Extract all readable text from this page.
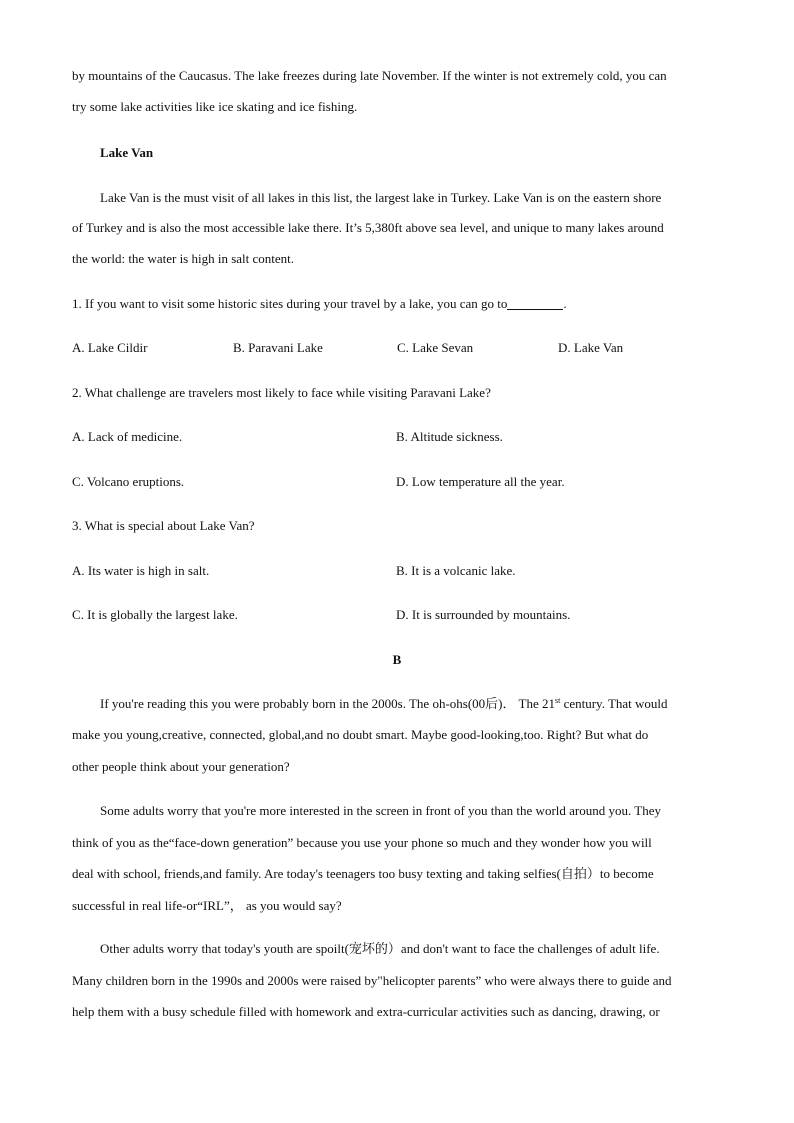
by mountains of the Caucasus. The lake freezes during late November. If the winter is not extremely cold, you can
try some lake activities like ice skating and ice fishing.
Lake Van
Lake Van is the must visit of all lakes in this list, the largest lake in Turkey. Lake Van is on the eastern shore
of Turkey and is also the most accessible lake there. It’s 5,380ft above sea level, and unique to many lakes around
the world: the water is high in salt content.
1. If you want to visit some historic sites during your travel by a lake, you can go to	.
A. Lake Cildir	B. Paravani Lake	C. Lake Sevan	D. Lake Van
2. What challenge are travelers most likely to face while visiting Paravani Lake?
A. Lack of medicine.	B. Altitude sickness.
C. Volcano eruptions.	D. Low temperature all the year.
3. What is special about Lake Van?
A. Its water is high in salt.	B. It is a volcanic lake.
C. It is globally the largest lake.	D. It is surrounded by mountains.
B
If you're reading this you were probably born in the 2000s. The oh-ohs(00后)． The 21st century. That would
make you young,creative, connected, global,and no doubt smart. Maybe good-looking,too. Right? But what do
other people think about your generation?
Some adults worry that you're more interested in the screen in front of you than the world around you. They
think of you as the“face-down generation” because you use your phone so much and they wonder how you will
deal with school, friends,and family. Are today's teenagers too busy texting and taking selfies(自拍）to become
successful in real life-or“IRL”， as you would say?
Other adults worry that today's youth are spoilt(宠坏的）and don't want to face the challenges of adult life.
Many children born in the 1990s and 2000s were raised by"helicopter parents” who were always there to guide and
help them with a busy schedule filled with homework and extra-curricular activities such as dancing, drawing, or
